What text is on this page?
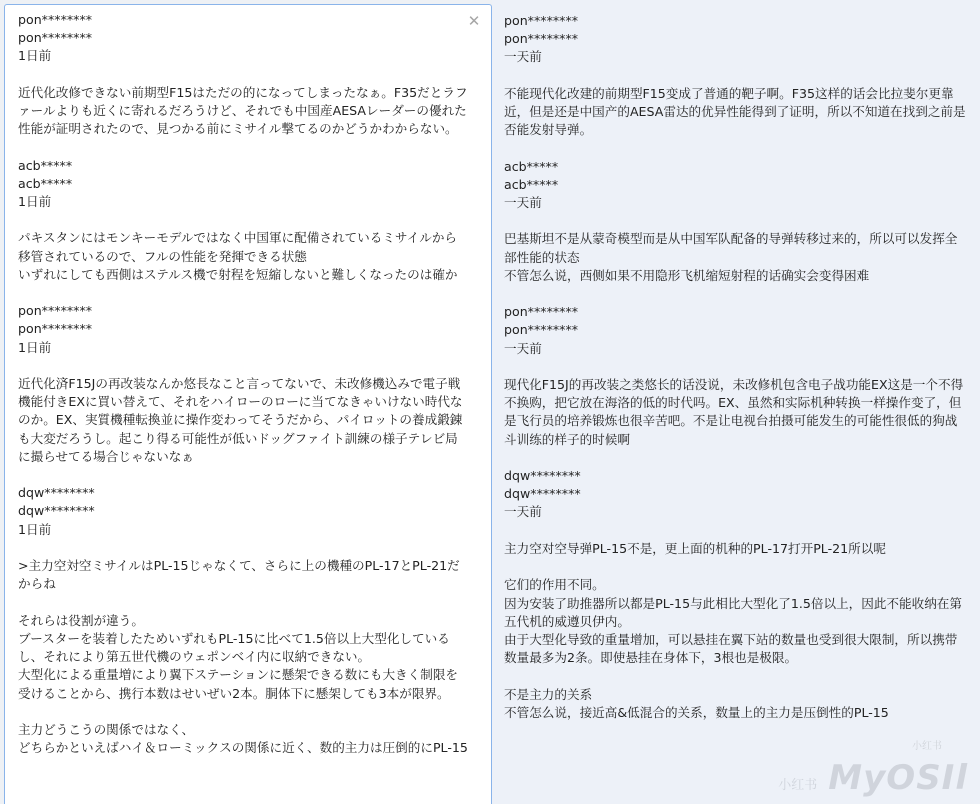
pon********
pon********
1日前

近代化改修できない前期型F15はただの的になってしまったなぁ。F35だとラファールよりも近くに寄れるだろうけど、それでも中国産AESAレーダーの優れた性能が証明されたので、見つかる前にミサイル撃てるのかどうかわからない。

acb*****
acb*****
1日前

パキスタンにはモンキーモデルではなく中国軍に配備されているミサイルから移管されているので、フルの性能を発揮できる状態
いずれにしても西側はステルス機で射程を短縮しないと難しくなったのは確か

pon********
pon********
1日前

近代化済F15Jの再改装なんか悠長なこと言ってないで、未改修機込みで電子戦機能付きEXに買い替えて、それをハイローのローに当てなきゃいけない時代なのか。EX、実質機種転換並に操作変わってそうだから、パイロットの養成鍛錬も大変だろうし。起こり得る可能性が低いドッグファイト訓練の様子テレビ局に撮らせてる場合じゃないなぁ

dqw********
dqw********
1日前

>主力空対空ミサイルはPL-15じゃなくて、さらに上の機種のPL-17とPL-21だからね

それらは役割が違う。
ブースターを装着したためいずれもPL-15に比べて1.5倍以上大型化しているし、それにより第五世代機のウェポンベイ内に収納できない。
大型化による重量増により翼下ステーションに懸架できる数にも大きく制限を受けることから、携行本数はせいぜい2本。胴体下に懸架しても3本が限界。

主力どうこうの関係ではなく、
どちらかといえばハイ＆ローミックスの関係に近く、数的主力は圧倒的にPL-15
✕ pon********
pon********
一天前

不能现代化改建的前期型F15变成了普通的靶子啊。F35这样的话会比拉斐尔更靠近，但是还是中国产的AESA雷达的优异性能得到了证明，所以不知道在找到之前是否能发射导弹。

acb*****
acb*****
一天前

巴基斯坦不是从蒙奇模型而是从中国军队配备的导弹转移过来的，所以可以发挥全部性能的状态
不管怎么说，西侧如果不用隐形飞机缩短射程的话确实会变得困难

pon********
pon********
一天前

现代化F15J的再改装之类悠长的话没说，未改修机包含电子战功能EX这是一个不得不换购，把它放在海洛的低的时代吗。EX、虽然和实际机种转换一样操作变了，但是飞行员的培养锻炼也很辛苦吧。不是让电视台拍摄可能发生的可能性很低的狗战斗训练的样子的时候啊

dqw********
dqw********
一天前

主力空对空导弹PL-15不是，更上面的机种的PL-17打开PL-21所以呢

它们的作用不同。
因为安装了助推器所以都是PL-15与此相比大型化了1.5倍以上，因此不能收纳在第五代机的威遵贝伊内。
由于大型化导致的重量增加，可以悬挂在翼下站的数量也受到很大限制，所以携带数量最多为2条。即使悬挂在身体下，3根也是极限。

不是主力的关系
不管怎么说，接近高&低混合的关系，数量上的主力是压倒性的PL-15
小红书
小红书 MyOSIl
